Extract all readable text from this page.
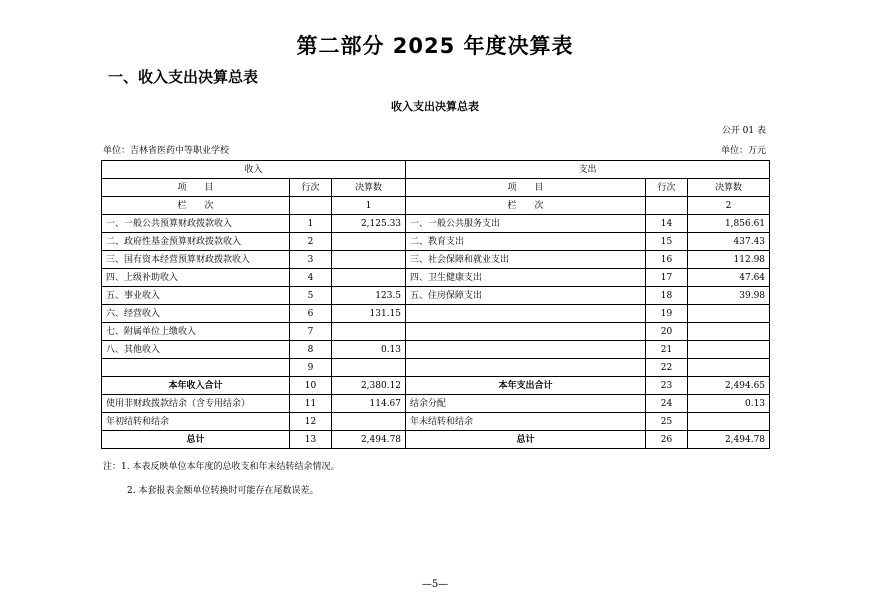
第二部分 2025 年度决算表
一、收入支出决算总表
收入支出决算总表
公开 01 表
单位：吉林省医药中等职业学校	单位：万元
收入			支出		
项　　目	行次	决算数	项　　目	行次	决算数
栏　　次		1	栏　　次		2
一、一般公共预算财政拨款收入	1	2,125.33	一、一般公共服务支出	14	1,856.61
二、政府性基金预算财政拨款收入	2		二、教育支出	15	437.43
三、国有资本经营预算财政拨款收入	3		三、社会保障和就业支出	16	112.98
四、上级补助收入	4		四、卫生健康支出	17	47.64
五、事业收入	5	123.5	五、住房保障支出	18	39.98
六、经营收入	6	131.15		19	
七、附属单位上缴收入	7			20	
八、其他收入	8	0.13		21	
	9			22	
本年收入合计	10	2,380.12	本年支出合计	23	2,494.65
使用非财政拨款结余（含专用结余）	11	114.67	结余分配	24	0.13
年初结转和结余	12		年末结转和结余	25	
总计	13	2,494.78	总计	26	2,494.78
注：1. 本表反映单位本年度的总收支和年末结转结余情况。
2. 本套报表金额单位转换时可能存在尾数误差。
—5—
